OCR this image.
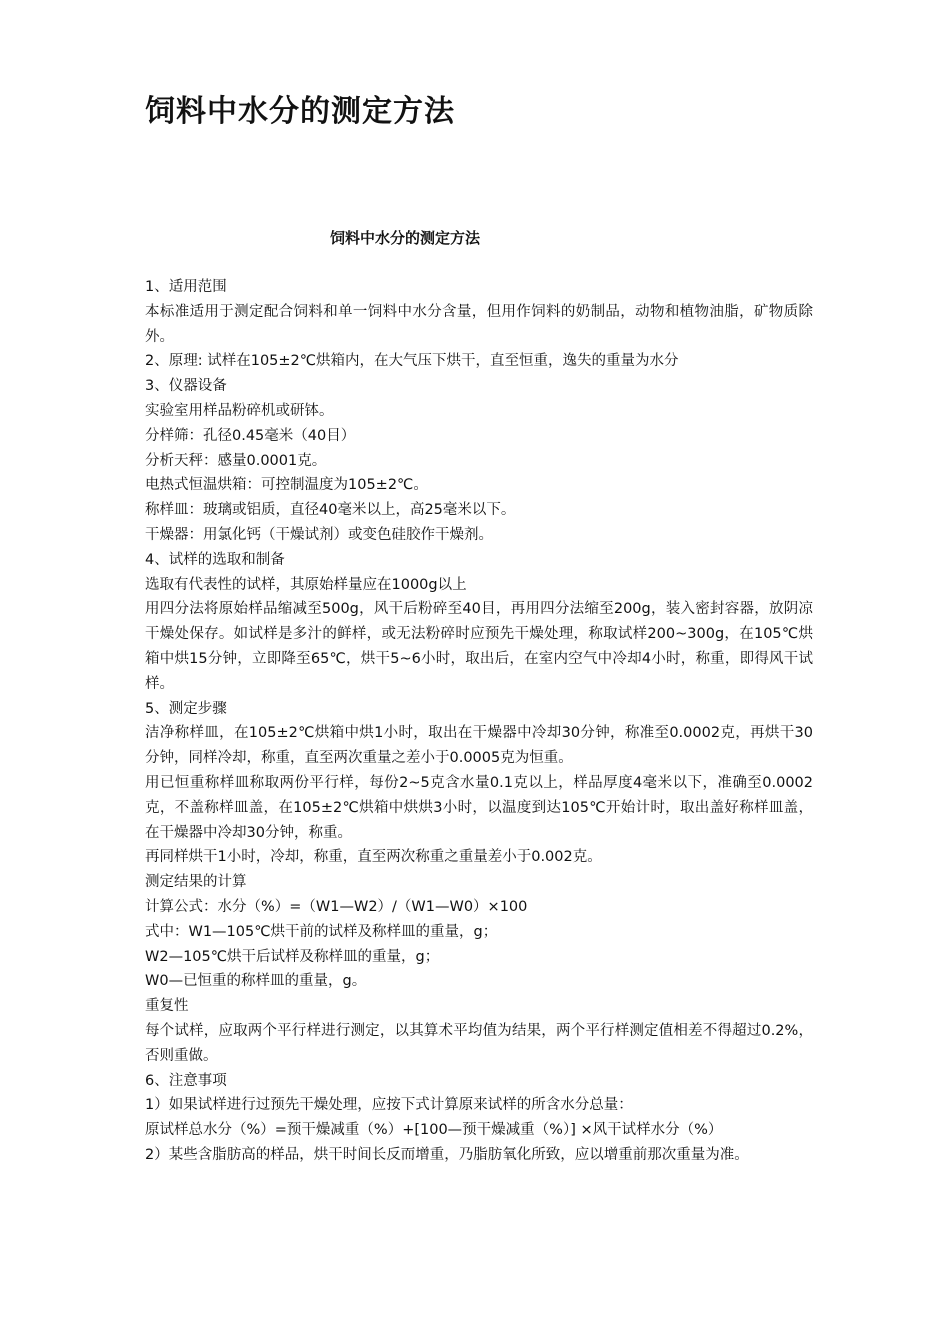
饲料中水分的测定方法
饲料中水分的测定方法

1、适用范围

本标准适用于测定配合饲料和单一饲料中水分含量，但用作饲料的奶制品，动物和植物油脂，矿物质除外。

2、原理: 试样在105±2℃烘箱内，在大气压下烘干，直至恒重，逸失的重量为水分

3、仪器设备

实验室用样品粉碎机或研钵。

分样筛：孔径0.45毫米（40目）

分析天秤：感量0.0001克。

电热式恒温烘箱：可控制温度为105±2℃。

称样皿：玻璃或铝质，直径40毫米以上，高25毫米以下。

干燥器：用氯化钙（干燥试剂）或变色硅胶作干燥剂。

4、试样的选取和制备

选取有代表性的试样，其原始样量应在1000g以上

用四分法将原始样品缩减至500g，风干后粉碎至40目，再用四分法缩至200g，装入密封容器，放阴凉干燥处保存。如试样是多汁的鲜样，或无法粉碎时应预先干燥处理，称取试样200~300g，在105℃烘箱中烘15分钟，立即降至65℃，烘干5~6小时，取出后，在室内空气中冷却4小时，称重，即得风干试样。

5、测定步骤

洁净称样皿，在105±2℃烘箱中烘1小时，取出在干燥器中冷却30分钟，称准至0.0002克，再烘干30分钟，同样冷却，称重，直至两次重量之差小于0.0005克为恒重。

用已恒重称样皿称取两份平行样，每份2~5克含水量0.1克以上，样品厚度4毫米以下，准确至0.0002克，不盖称样皿盖，在105±2℃烘箱中烘烘3小时，以温度到达105℃开始计时，取出盖好称样皿盖，在干燥器中冷却30分钟，称重。

再同样烘干1小时，冷却，称重，直至两次称重之重量差小于0.002克。

测定结果的计算

计算公式：水分（%）=（W1—W2）/（W1—W0）×100

式中：W1—105℃烘干前的试样及称样皿的重量，g；

W2—105℃烘干后试样及称样皿的重量，g；

W0—已恒重的称样皿的重量，g。

重复性

每个试样，应取两个平行样进行测定，以其算术平均值为结果，两个平行样测定值相差不得超过0.2%，否则重做。

6、注意事项

1）如果试样进行过预先干燥处理，应按下式计算原来试样的所含水分总量：

原试样总水分（%）=预干燥减重（%）+[100—预干燥减重（%）] ×风干试样水分（%）

2）某些含脂肪高的样品，烘干时间长反而增重，乃脂肪氧化所致，应以增重前那次重量为准。
